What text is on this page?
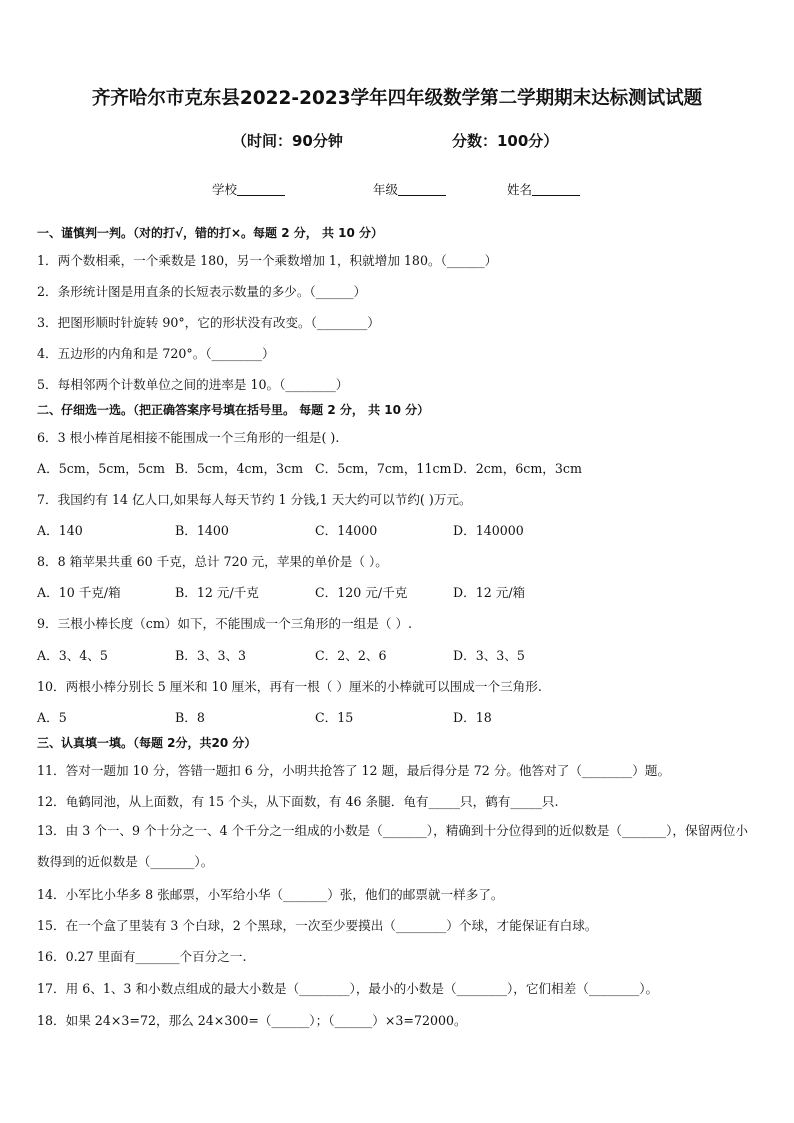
齐齐哈尔市克东县2022-2023学年四年级数学第二学期期末达标测试试题
（时间：90分钟	分数：100分）
学校	年级	姓名
一、谨慎判一判。（对的打√，错的打×。每题 2 分， 共 10 分）
1．两个数相乘，一个乘数是 180，另一个乘数增加 1，积就增加 180。（______）
2．条形统计图是用直条的长短表示数量的多少。（______）
3．把图形顺时针旋转 90°，它的形状没有改变。（________）
4．五边形的内角和是 720°。（________）
5．每相邻两个计数单位之间的进率是 10。（________）
二、仔细选一选。（把正确答案序号填在括号里。 每题 2 分， 共 10 分）
6．3 根小棒首尾相接不能围成一个三角形的一组是( ).
A．5cm，5cm，5cm B．5cm，4cm，3cm C．5cm，7cm，11cm D．2cm，6cm，3cm
7．我国约有 14 亿人口,如果每人每天节约 1 分钱,1 天大约可以节约( )万元。
A．140	B．1400	C．14000	D．140000
8．8 箱苹果共重 60 千克，总计 720 元，苹果的单价是（ ）。
A．10 千克/箱	B．12 元/千克	C．120 元/千克	D．12 元/箱
9．三根小棒长度（cm）如下，不能围成一个三角形的一组是（ ）.
A．3、4、5	B．3、3、3	C．2、2、6	D．3、3、5
10．两根小棒分别长 5 厘米和 10 厘米，再有一根（ ）厘米的小棒就可以围成一个三角形.
A．5	B．8	C．15	D．18
三、认真填一填。（每题 2分，共20 分）
11．答对一题加 10 分，答错一题扣 6 分，小明共抢答了 12 题，最后得分是 72 分。他答对了（________）题。
12．龟鹤同池，从上面数，有 15 个头，从下面数，有 46 条腿．龟有_____只，鹤有_____只.
13．由 3 个一、9 个十分之一、4 个千分之一组成的小数是（_______），精确到十分位得到的近似数是（_______），保留两位小数得到的近似数是（_______）。
14．小军比小华多 8 张邮票，小军给小华（_______）张，他们的邮票就一样多了。
15．在一个盒了里装有 3 个白球，2 个黑球，一次至少要摸出（________）个球，才能保证有白球。
16．0.27 里面有_______个百分之一.
17．用 6、1、3 和小数点组成的最大小数是（________），最小的小数是（________），它们相差（________）。
18．如果 24×3=72，那么 24×300=（______）；（______）×3=72000。
